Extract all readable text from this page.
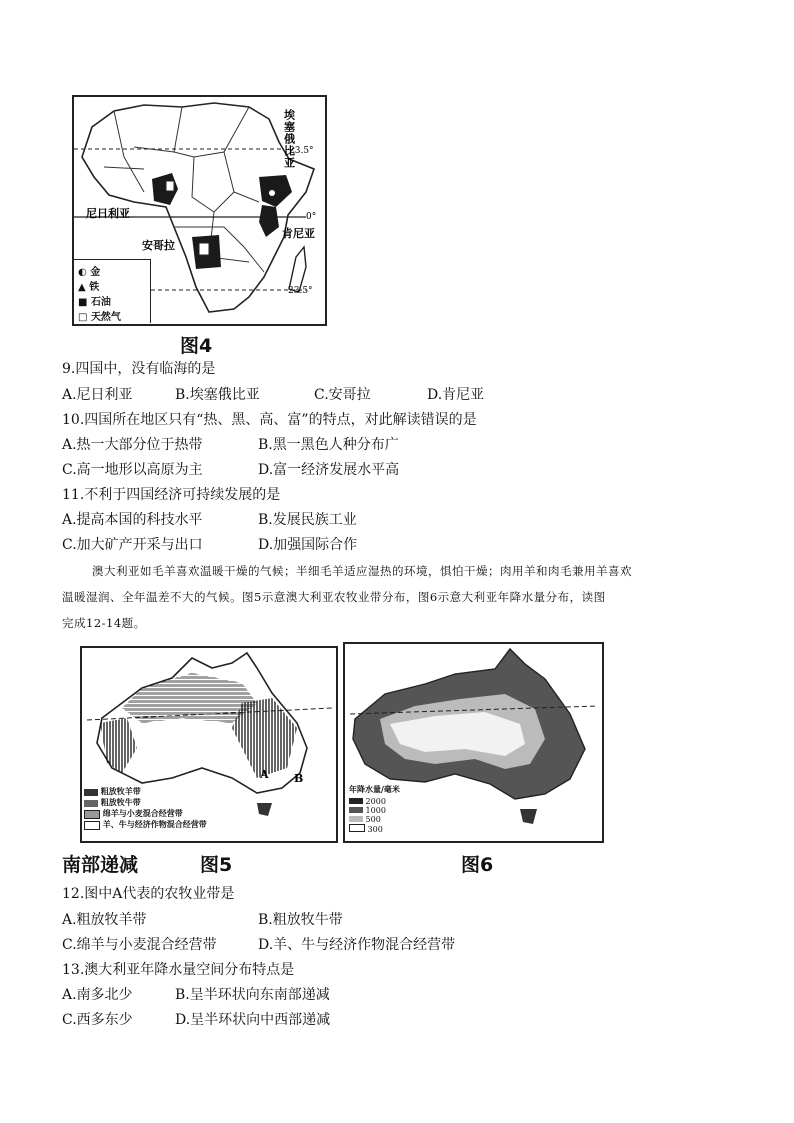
埃塞俄比亚
尼日利亚
安哥拉
肯尼亚
23.5°
0°
23.5°
◐ 金
▲ 铁
■ 石油
□ 天然气
图4
9.四国中，没有临海的是
A.尼日利亚	B.埃塞俄比亚	C.安哥拉	D.肯尼亚
10.四国所在地区只有“热、黑、高、富”的特点，对此解读错误的是
A.热一大部分位于热带	B.黑一黑色人种分布广
C.高一地形以高原为主	D.富一经济发展水平高
11.不利于四国经济可持续发展的是
A.提高本国的科技水平	B.发展民族工业
C.加大矿产开采与出口	D.加强国际合作
澳大利亚如毛羊喜欢温暖干燥的气候；半细毛羊适应湿热的环境，惧怕干燥；肉用羊和肉毛兼用羊喜欢
温暖湿润、全年温差不大的气候。图5示意澳大利亚农牧业带分布，图6示意大利亚年降水量分布，读图
完成12-14题。
A B
粗放牧羊带
粗放牧牛带
绵羊与小麦混合经营带
羊、牛与经济作物混合经营带
年降水量/毫米
2000
1000
500
300
南部递减	图5	图6
12.图中A代表的农牧业带是
A.粗放牧羊带	B.粗放牧牛带
C.绵羊与小麦混合经营带	D.羊、牛与经济作物混合经营带
13.澳大利亚年降水量空间分布特点是
A.南多北少	B.呈半环状向东南部递减
C.西多东少	D.呈半环状向中西部递减
